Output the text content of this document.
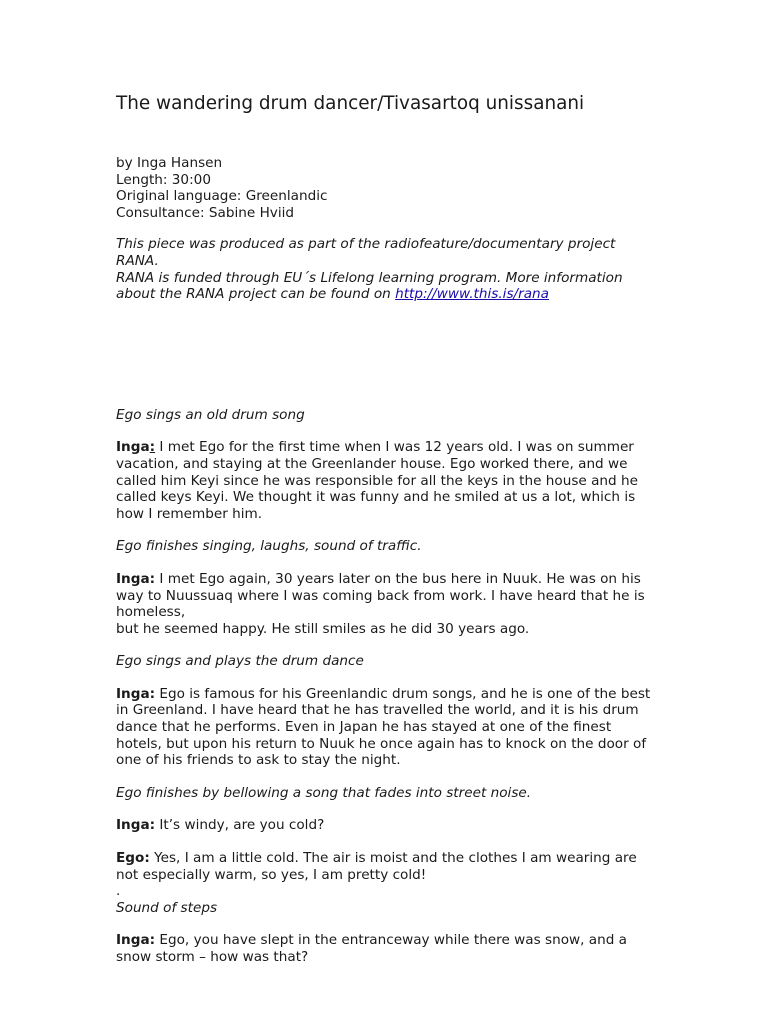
The wandering drum dancer/Tivasartoq unissanani
by Inga Hansen
Length: 30:00
Original language: Greenlandic
Consultance: Sabine Hviid

This piece was produced as part of the radiofeature/documentary project RANA.

RANA is funded through EU´s Lifelong learning program. More information about the RANA project can be found on http://www.this.is/rana

Ego sings an old drum song

Inga: I met Ego for the first time when I was 12 years old. I was on summer vacation, and staying at the Greenlander house. Ego worked there, and we called him Keyi since he was responsible for all the keys in the house and he called keys Keyi. We thought it was funny and he smiled at us a lot, which is how I remember him.

Ego finishes singing, laughs, sound of traffic.

Inga: I met Ego again, 30 years later on the bus here in Nuuk. He was on his way to Nuussuaq where I was coming back from work. I have heard that he is homeless,
but he seemed happy. He still smiles as he did 30 years ago.

Ego sings and plays the drum dance

Inga: Ego is famous for his Greenlandic drum songs, and he is one of the best in Greenland. I have heard that he has travelled the world, and it is his drum dance that he performs. Even in Japan he has stayed at one of the finest hotels, but upon his return to Nuuk he once again has to knock on the door of one of his friends to ask to stay the night.

Ego finishes by bellowing a song that fades into street noise.

Inga: It’s windy, are you cold?

Ego: Yes, I am a little cold. The air is moist and the clothes I am wearing are not especially warm, so yes, I am pretty cold!

.

Sound of steps

Inga: Ego, you have slept in the entranceway while there was snow, and a snow storm – how was that?
